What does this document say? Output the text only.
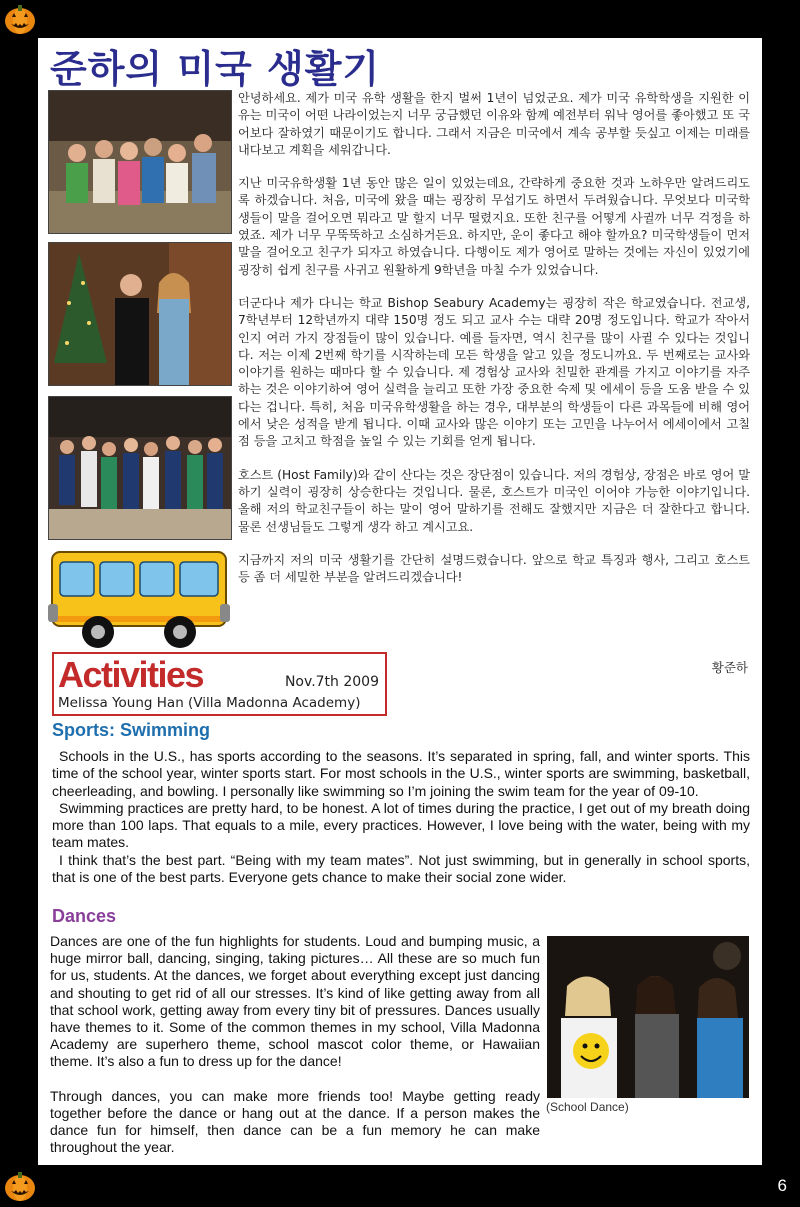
6
준하의 미국 생활기

안녕하세요. 제가 미국 유학 생활을 한지 벌써 1년이 넘었군요. 제가 미국 유학학생을 지원한 이유는 미국이 어떤 나라이었는지 너무 궁금했던 이유와 함께 예전부터 워낙 영어를 좋아했고 또 국어보다 잘하였기 때문이기도 합니다. 그래서 지금은 미국에서 계속 공부할 듯싶고 이제는 미래를 내다보고 계획을 세워갑니다.

지난 미국유학생활 1년 동안 많은 일이 있었는데요, 간략하게 중요한 것과 노하우만 알려드리도록 하겠습니다. 처음, 미국에 왔을 때는 굉장히 무섭기도 하면서 두려웠습니다. 무엇보다 미국학생들이 말을 걸어오면 뭐라고 말 할지 너무 떨렸지요. 또한 친구를 어떻게 사귈까 너무 걱정을 하였죠. 제가 너무 무뚝뚝하고 소심하거든요. 하지만, 운이 좋다고 해야 할까요? 미국학생들이 먼저 말을 걸어오고 친구가 되자고 하였습니다. 다행이도 제가 영어로 말하는 것에는 자신이 있었기에 굉장히 쉽게 친구를 사귀고 원활하게 9학년을 마칠 수가 있었습니다.

더군다나 제가 다니는 학교 Bishop Seabury Academy는 굉장히 작은 학교였습니다. 전교생, 7학년부터 12학년까지 대략 150명 정도 되고 교사 수는 대략 20명 정도입니다. 학교가 작아서인지 여러 가지 장점들이 많이 있습니다. 예를 들자면, 역시 친구를 많이 사귈 수 있다는 것입니다. 저는 이제 2번째 학기를 시작하는데 모든 학생을 알고 있을 정도니까요. 두 번째로는 교사와 이야기를 원하는 때마다 할 수 있습니다. 제 경험상 교사와 친밀한 관계를 가지고 이야기를 자주하는 것은 이야기하여 영어 실력을 늘리고 또한 가장 중요한 숙제 및 에세이 등을 도움 받을 수 있다는 겁니다. 특히, 처음 미국유학생활을 하는 경우, 대부분의 학생들이 다른 과목들에 비해 영어에서 낮은 성적을 받게 됩니다. 이때 교사와 많은 이야기 또는 고민을 나누어서 에세이에서 고칠 점 등을 고치고 학점을 높일 수 있는 기회를 얻게 됩니다.

호스트 (Host Family)와 같이 산다는 것은 장단점이 있습니다. 저의 경험상, 장점은 바로 영어 말하기 실력이 굉장히 상승한다는 것입니다. 물론, 호스트가 미국인 이어야 가능한 이야기입니다. 올해 저의 학교친구들이 하는 말이 영어 말하기를 전해도 잘했지만 지금은 더 잘한다고 합니다. 물론 선생님들도 그렇게 생각 하고 계시고요.

지금까지 저의 미국 생활기를 간단히 설명드렸습니다. 앞으로 학교 특징과 행사, 그리고 호스트 등 좀 더 세밀한 부분을 알려드리겠습니다!

황준하
Activities	Nov.7th 2009
Melissa Young Han (Villa Madonna Academy)
Sports: Swimming

Schools in the U.S., has sports according to the seasons. It’s separated in spring, fall, and winter sports. This time of the school year, winter sports start. For most schools in the U.S., winter sports are swimming, basketball, cheerleading, and bowling. I personally like swimming so I’m joining the swim team for the year of 09-10.

Swimming practices are pretty hard, to be honest. A lot of times during the practice, I get out of my breath doing more than 100 laps. That equals to a mile, every practices. However, I love being with the water, being with my team mates.

I think that’s the best part. “Being with my team mates”. Not just swimming, but in generally in school sports, that is one of the best parts. Everyone gets chance to make their social zone wider.

Dances

Dances are one of the fun highlights for students. Loud and bumping music, a huge mirror ball, dancing, singing, taking pictures… All these are so much fun for us, students. At the dances, we forget about everything except just dancing and shouting to get rid of all our stresses. It’s kind of like getting away from all that school work, getting away from every tiny bit of pressures. Dances usually have themes to it. Some of the common themes in my school, Villa Madonna Academy are superhero theme, school mascot color theme, or Hawaiian theme. It’s also a fun to dress up for the dance!

Through dances, you can make more friends too! Maybe getting ready together before the dance or hang out at the dance. If a person makes the dance fun for himself, then dance can be a fun memory he can make throughout the year.

(School Dance)
